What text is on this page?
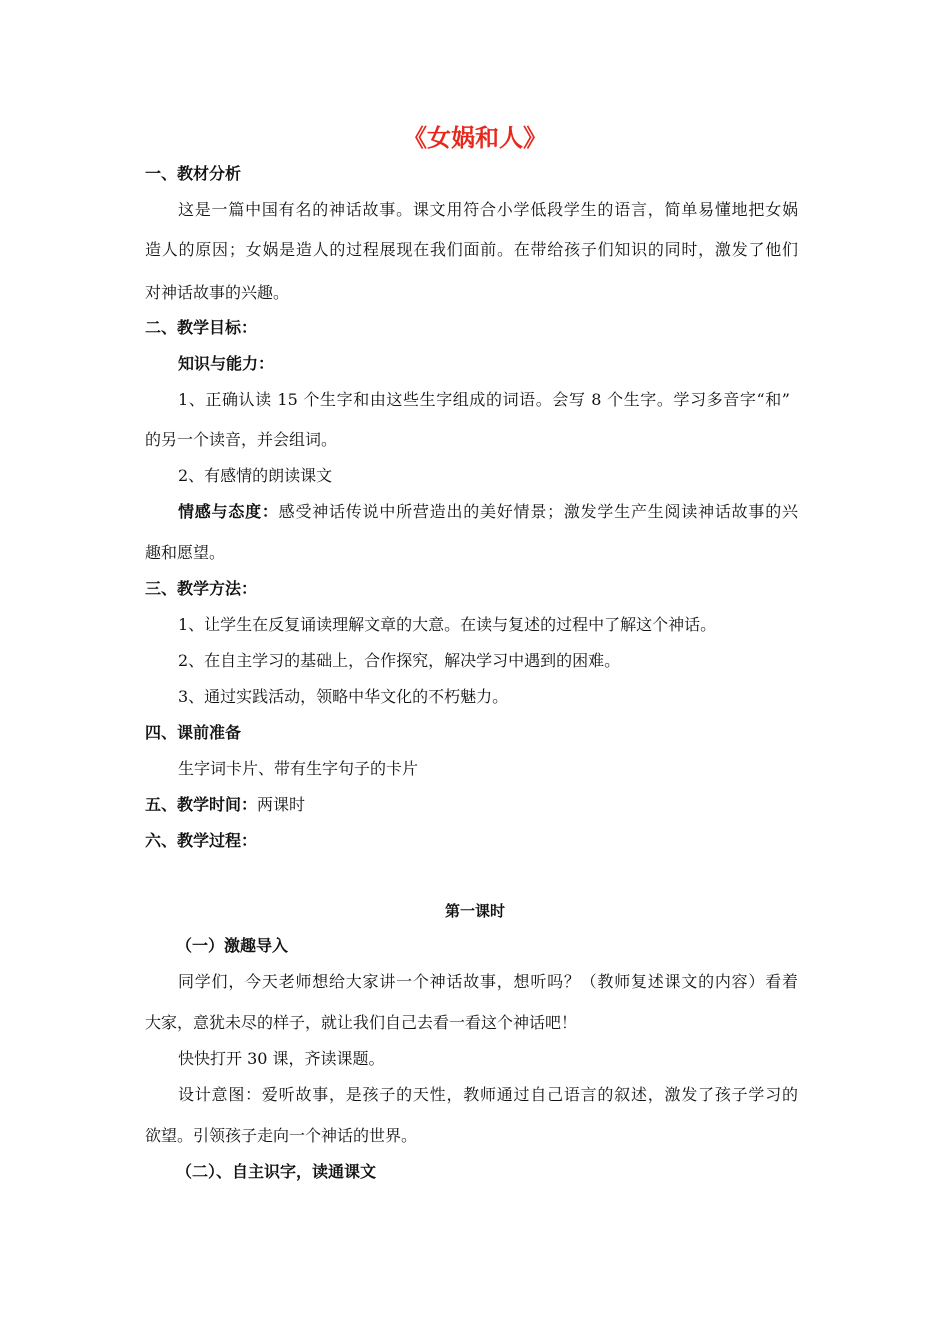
《女娲和人》
一、教材分析
这是一篇中国有名的神话故事。课文用符合小学低段学生的语言，简单易懂地把女娲
造人的原因；女娲是造人的过程展现在我们面前。在带给孩子们知识的同时，激发了他们
对神话故事的兴趣。
二、教学目标：
知识与能力：
1、正确认读 15 个生字和由这些生字组成的词语。会写 8 个生字。学习多音字“和”
的另一个读音，并会组词。
2、有感情的朗读课文
情感与态度：感受神话传说中所营造出的美好情景；激发学生产生阅读神话故事的兴
趣和愿望。
三、教学方法：
1、让学生在反复诵读理解文章的大意。在读与复述的过程中了解这个神话。
2、在自主学习的基础上，合作探究，解决学习中遇到的困难。
3、通过实践活动，领略中华文化的不朽魅力。
四、课前准备
生字词卡片、带有生字句子的卡片
五、教学时间：两课时
六、教学过程：
第一课时
（一）激趣导入
同学们，今天老师想给大家讲一个神话故事，想听吗？（教师复述课文的内容）看着
大家，意犹未尽的样子，就让我们自己去看一看这个神话吧！
快快打开 30 课，齐读课题。
设计意图：爱听故事，是孩子的天性，教师通过自己语言的叙述，激发了孩子学习的
欲望。引领孩子走向一个神话的世界。
（二）、自主识字，读通课文
